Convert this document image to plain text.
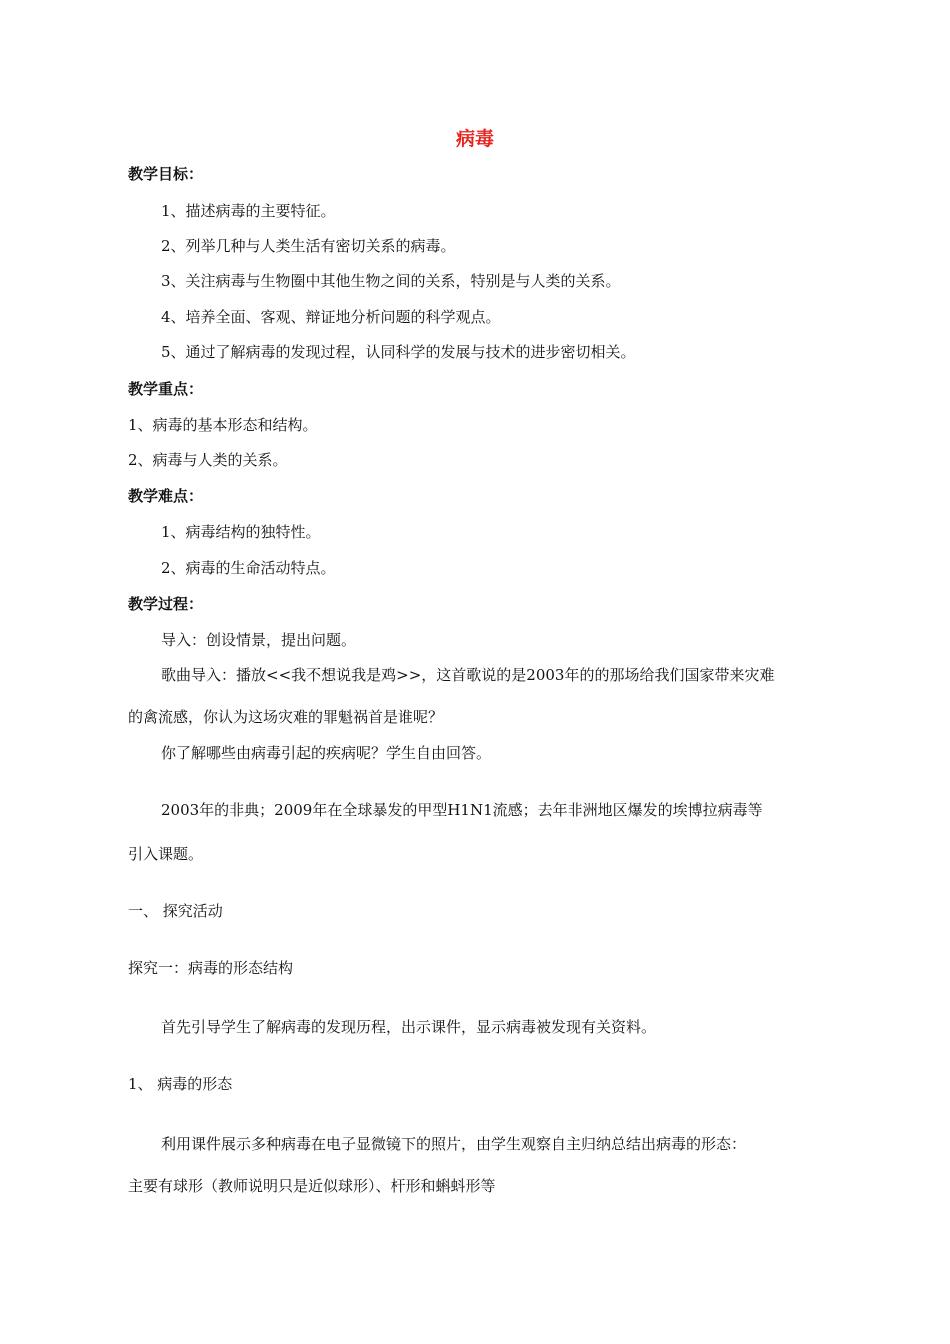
病毒
教学目标：
1、描述病毒的主要特征。
2、列举几种与人类生活有密切关系的病毒。
3、关注病毒与生物圈中其他生物之间的关系，特别是与人类的关系。
4、培养全面、客观、辩证地分析问题的科学观点。
5、通过了解病毒的发现过程，认同科学的发展与技术的进步密切相关。
教学重点：
1、病毒的基本形态和结构。
2、病毒与人类的关系。
教学难点：
1、病毒结构的独特性。
2、病毒的生命活动特点。
教学过程：
导入：创设情景，提出问题。
歌曲导入：播放<<我不想说我是鸡>>，这首歌说的是2003年的的那场给我们国家带来灾难
的禽流感，你认为这场灾难的罪魁祸首是谁呢？
你了解哪些由病毒引起的疾病呢？学生自由回答。
2003年的非典；2009年在全球暴发的甲型H1N1流感；去年非洲地区爆发的埃博拉病毒等
引入课题。
一、 探究活动
探究一：病毒的形态结构
首先引导学生了解病毒的发现历程，出示课件，显示病毒被发现有关资料。
1、 病毒的形态
利用课件展示多种病毒在电子显微镜下的照片，由学生观察自主归纳总结出病毒的形态：
主要有球形（教师说明只是近似球形）、杆形和蝌蚪形等
